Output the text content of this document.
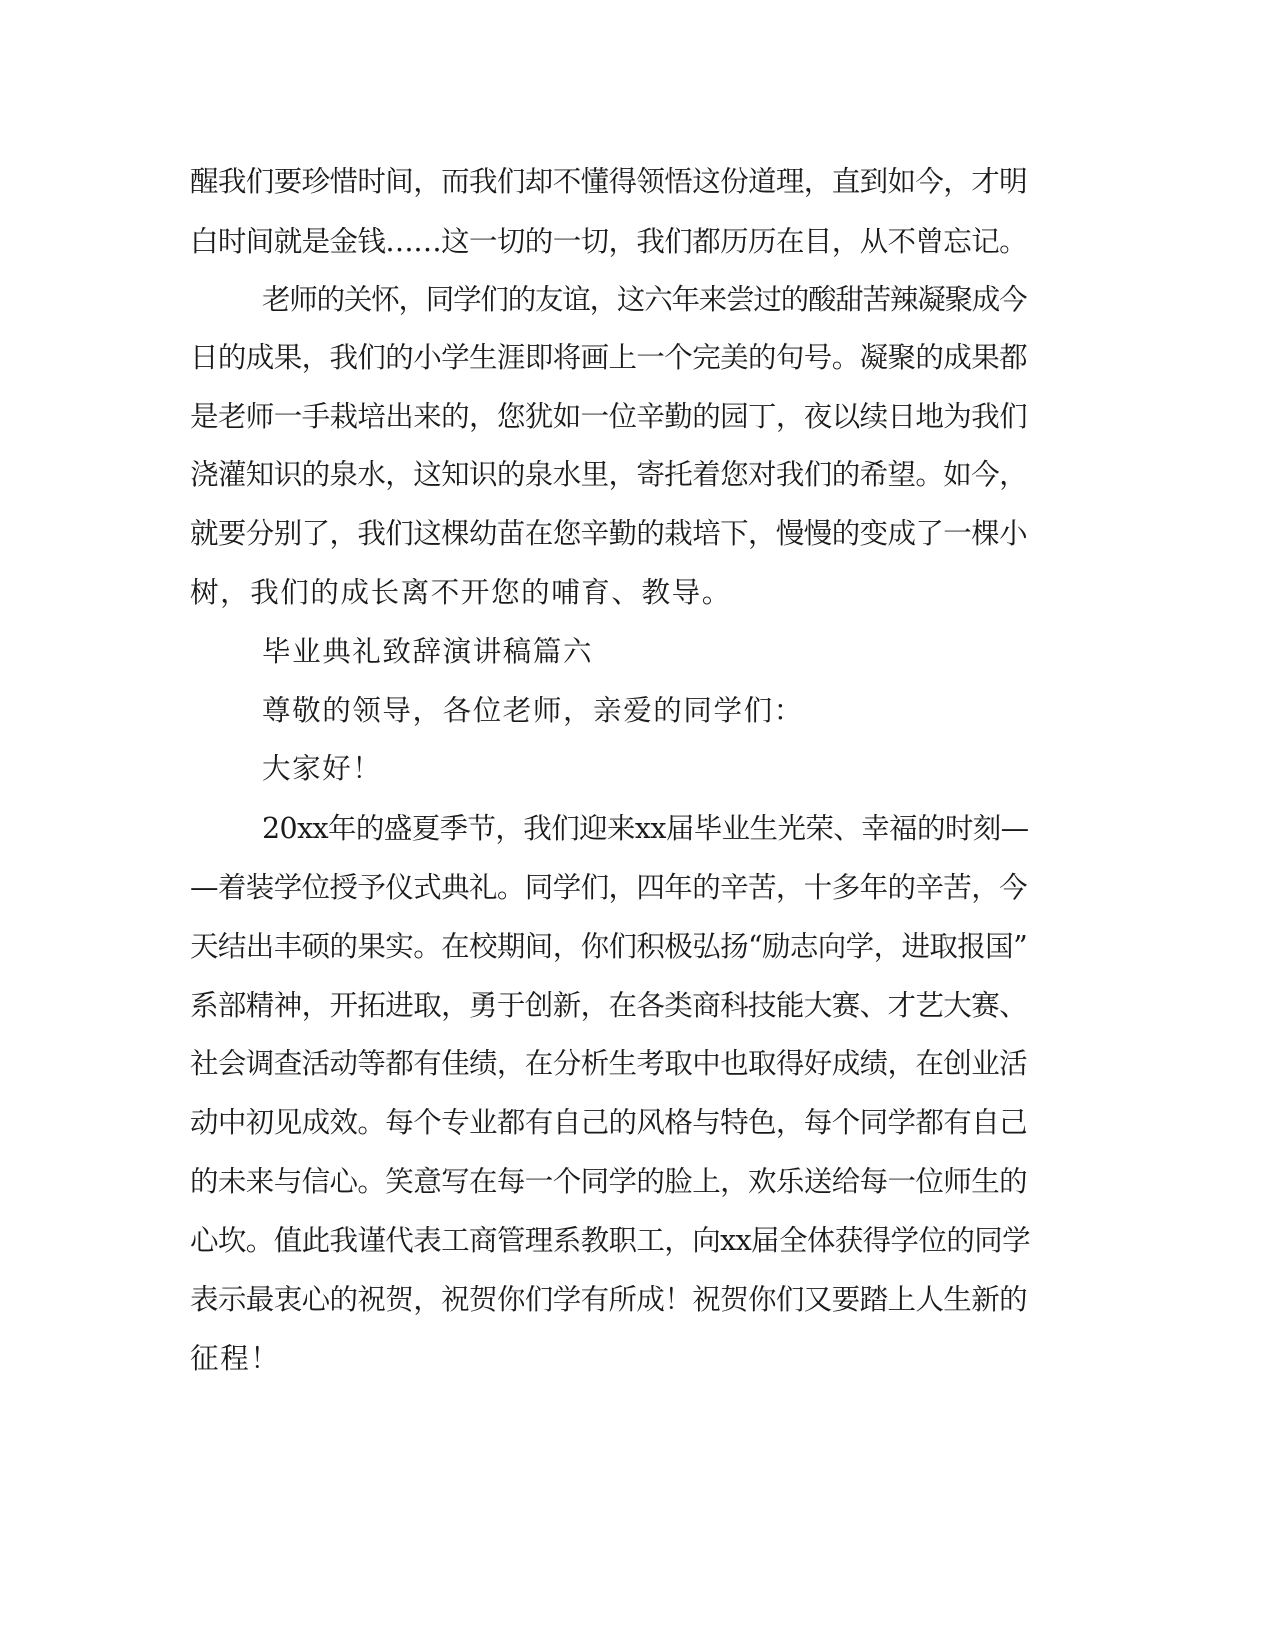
醒我们要珍惜时间，而我们却不懂得领悟这份道理，直到如今，才明
白时间就是金钱……这一切的一切，我们都历历在目，从不曾忘记。
老师的关怀，同学们的友谊，这六年来尝过的酸甜苦辣凝聚成今
日的成果，我们的小学生涯即将画上一个完美的句号。凝聚的成果都
是老师一手栽培出来的，您犹如一位辛勤的园丁，夜以续日地为我们
浇灌知识的泉水，这知识的泉水里，寄托着您对我们的希望。如今，
就要分别了，我们这棵幼苗在您辛勤的栽培下，慢慢的变成了一棵小
树，我们的成长离不开您的哺育、教导。
毕业典礼致辞演讲稿篇六
尊敬的领导，各位老师，亲爱的同学们：
大家好！
20xx年的盛夏季节，我们迎来xx届毕业生光荣、幸福的时刻—
—着装学位授予仪式典礼。同学们，四年的辛苦，十多年的辛苦，今
天结出丰硕的果实。在校期间，你们积极弘扬“励志向学，进取报国”
系部精神，开拓进取，勇于创新，在各类商科技能大赛、才艺大赛、
社会调查活动等都有佳绩，在分析生考取中也取得好成绩，在创业活
动中初见成效。每个专业都有自己的风格与特色，每个同学都有自己
的未来与信心。笑意写在每一个同学的脸上，欢乐送给每一位师生的
心坎。值此我谨代表工商管理系教职工，向xx届全体获得学位的同学
表示最衷心的祝贺，祝贺你们学有所成！祝贺你们又要踏上人生新的
征程！
